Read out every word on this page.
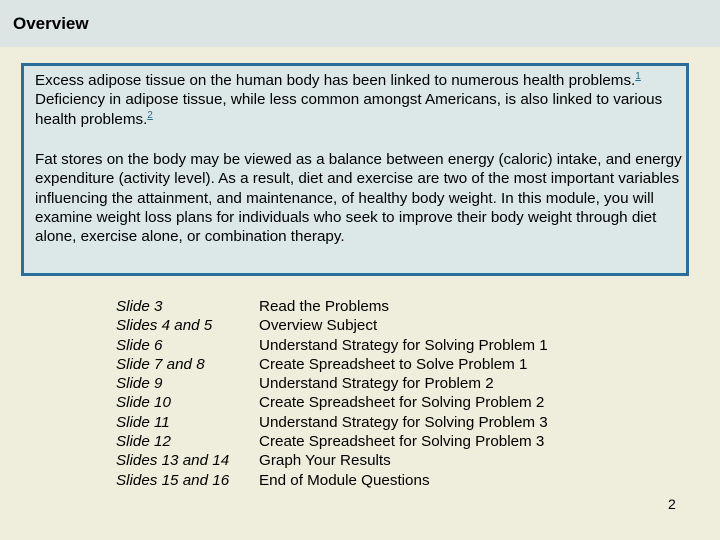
Overview

Excess adipose tissue on the human body has been linked to numerous health problems.$^1$ Deficiency in adipose tissue, while less common amongst Americans, is also linked to various health problems.$^2$

Fat stores on the body may be viewed as a balance between energy (caloric) intake, and energy expenditure (activity level). As a result, diet and exercise are two of the most important variables influencing the attainment, and maintenance, of healthy body weight. In this module, you will examine weight loss plans for individuals who seek to improve their body weight through diet alone, exercise alone, or combination therapy.

Slide 3
Slides 4 and 5
Slide 6
Slide 7 and 8
Slide 9
Slide 10
Slide 11
Slide 12
Slides 13 and 14
Slides 15 and 16
Read the Problems
Overview Subject
Understand Strategy for Solving Problem 1
Create Spreadsheet to Solve Problem 1
Understand Strategy for Problem 2
Create Spreadsheet for Solving Problem 2
Understand Strategy for Solving Problem 3
Create Spreadsheet for Solving Problem 3
Graph Your Results
End of Module Questions
2
